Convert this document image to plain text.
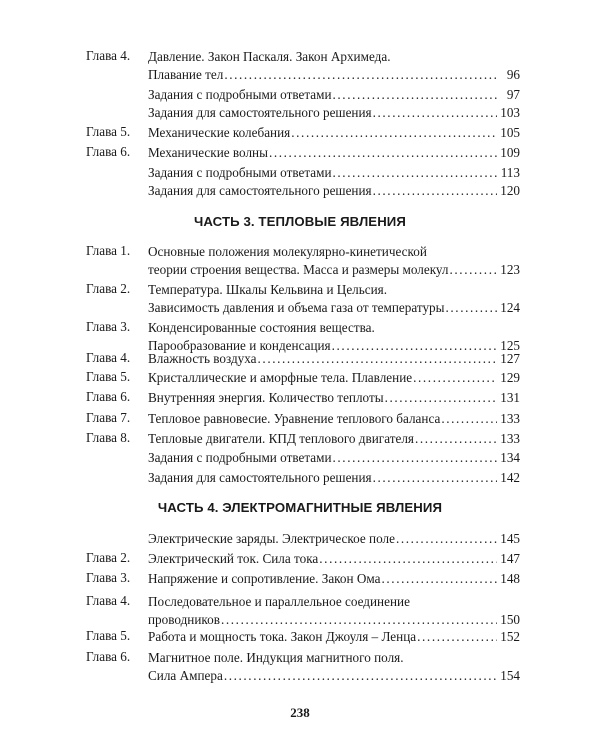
Глава 4.	Давление. Закон Паскаля. Закон Архимеда.
Плавание тел .....	96
Задания с подробными ответами .....	97
Задания для самостоятельного решения .....	103
Глава 5.	Механические колебания .....	105
Глава 6.	Механические волны .....	109
Задания с подробными ответами .....	113
Задания для самостоятельного решения .....	120
ЧАСТЬ 3. ТЕПЛОВЫЕ ЯВЛЕНИЯ
Глава 1.	Основные положения молекулярно-кинетической
теории строения вещества. Масса и размеры молекул .....	123
Глава 2.	Температура. Шкалы Кельвина и Цельсия.
Зависимость давления и объема газа от температуры .....	124
Глава 3.	Конденсированные состояния вещества.
Парообразование и конденсация .....	125
Глава 4.	Влажность воздуха .....	127
Глава 5.	Кристаллические и аморфные тела. Плавление .....	129
Глава 6.	Внутренняя энергия. Количество теплоты .....	131
Глава 7.	Тепловое равновесие. Уравнение теплового баланса .....	133
Глава 8.	Тепловые двигатели. КПД теплового двигателя .....	133
Задания с подробными ответами .....	134
Задания для самостоятельного решения .....	142
ЧАСТЬ 4. ЭЛЕКТРОМАГНИТНЫЕ ЯВЛЕНИЯ
Электрические заряды. Электрическое поле .....	145
Глава 2.	Электрический ток. Сила тока .....	147
Глава 3.	Напряжение и сопротивление. Закон Ома .....	148
Глава 4.	Последовательное и параллельное соединение
проводников .....	150
Глава 5.	Работа и мощность тока. Закон Джоуля – Ленца .....	152
Глава 6.	Магнитное поле. Индукция магнитного поля.
Сила Ампера .....	154
238
